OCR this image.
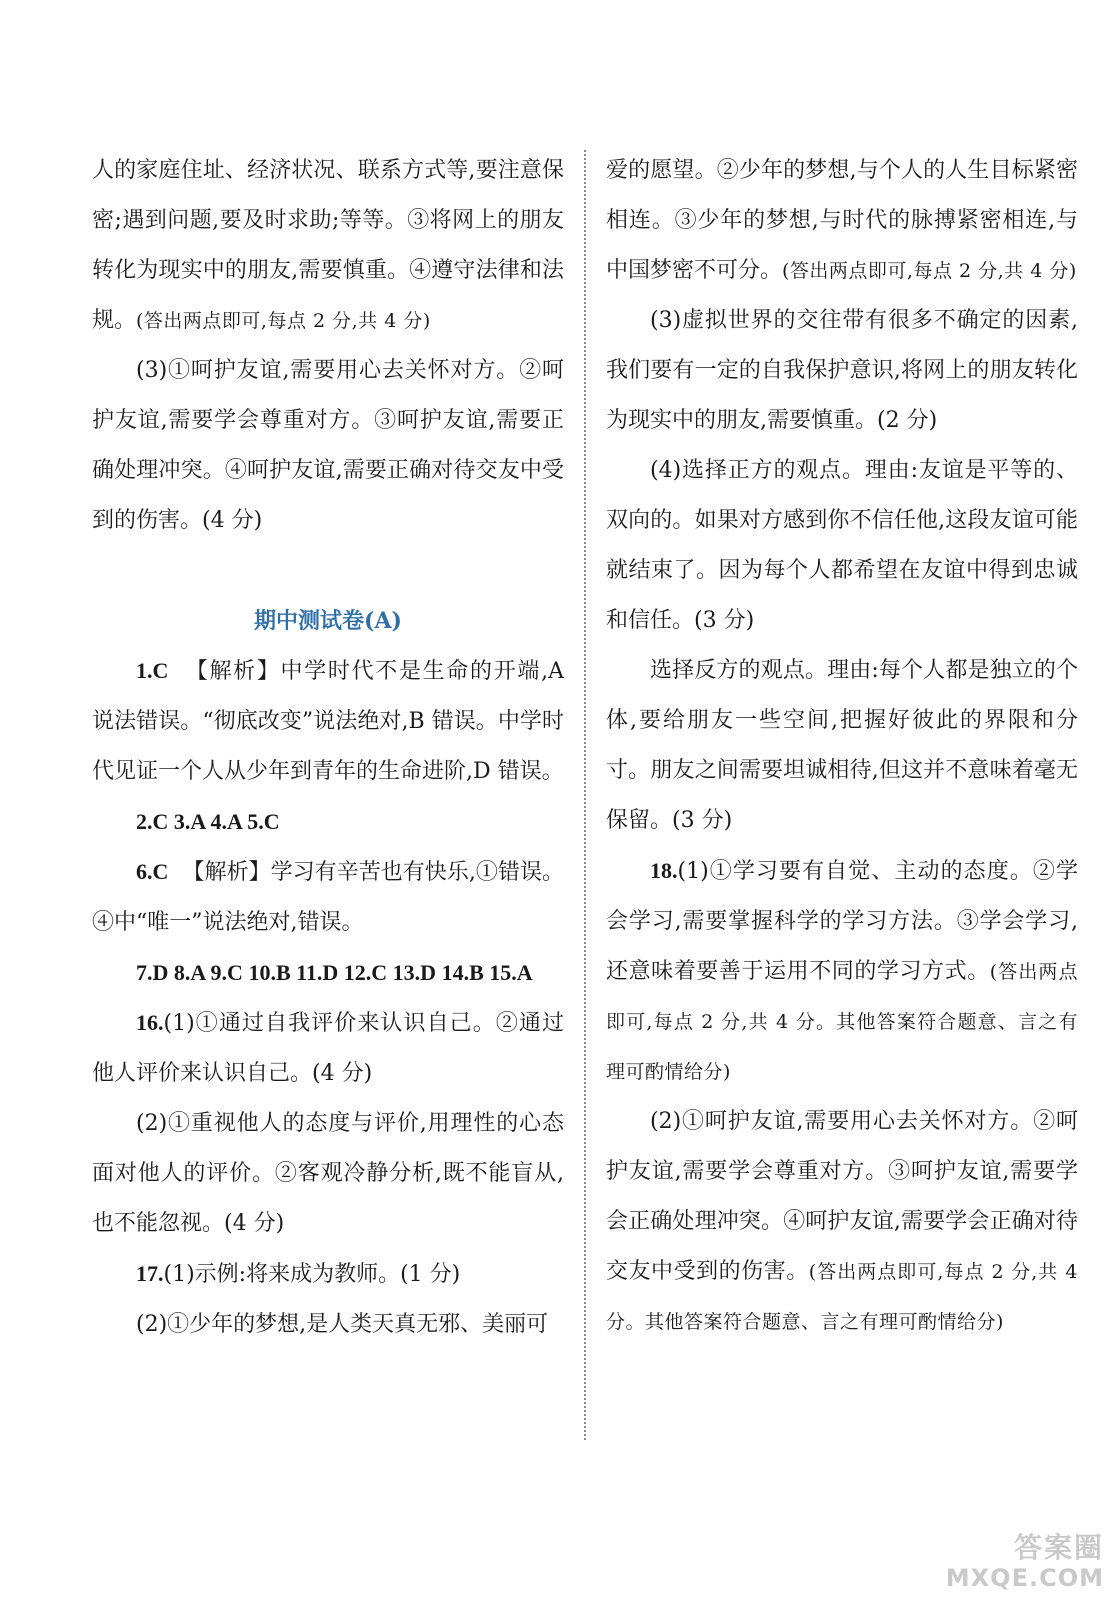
人的家庭住址、经济状况、联系方式等,要注意保密;遇到问题,要及时求助;等等。③将网上的朋友转化为现实中的朋友,需要慎重。④遵守法律和法规。(答出两点即可,每点 2 分,共 4 分)

(3)①呵护友谊,需要用心去关怀对方。②呵护友谊,需要学会尊重对方。③呵护友谊,需要正确处理冲突。④呵护友谊,需要正确对待交友中受到的伤害。(4 分)

期中测试卷(A)

1.C 【解析】中学时代不是生命的开端,A 说法错误。“彻底改变”说法绝对,B 错误。中学时代见证一个人从少年到青年的生命进阶,D 错误。

2.C 3.A 4.A 5.C

6.C 【解析】学习有辛苦也有快乐,①错误。④中“唯一”说法绝对,错误。

7.D 8.A 9.C 10.B 11.D 12.C 13.D 14.B 15.A

16.(1)①通过自我评价来认识自己。②通过他人评价来认识自己。(4 分)

(2)①重视他人的态度与评价,用理性的心态面对他人的评价。②客观冷静分析,既不能盲从,也不能忽视。(4 分)

17.(1)示例:将来成为教师。(1 分)

(2)①少年的梦想,是人类天真无邪、美丽可

爱的愿望。②少年的梦想,与个人的人生目标紧密相连。③少年的梦想,与时代的脉搏紧密相连,与中国梦密不可分。(答出两点即可,每点 2 分,共 4 分)

(3)虚拟世界的交往带有很多不确定的因素,我们要有一定的自我保护意识,将网上的朋友转化为现实中的朋友,需要慎重。(2 分)

(4)选择正方的观点。理由:友谊是平等的、双向的。如果对方感到你不信任他,这段友谊可能就结束了。因为每个人都希望在友谊中得到忠诚和信任。(3 分)

选择反方的观点。理由:每个人都是独立的个体,要给朋友一些空间,把握好彼此的界限和分寸。朋友之间需要坦诚相待,但这并不意味着毫无保留。(3 分)

18.(1)①学习要有自觉、主动的态度。②学会学习,需要掌握科学的学习方法。③学会学习,还意味着要善于运用不同的学习方式。(答出两点即可,每点 2 分,共 4 分。其他答案符合题意、言之有理可酌情给分)

(2)①呵护友谊,需要用心去关怀对方。②呵护友谊,需要学会尊重对方。③呵护友谊,需要学会正确处理冲突。④呵护友谊,需要学会正确对待交友中受到的伤害。(答出两点即可,每点 2 分,共 4 分。其他答案符合题意、言之有理可酌情给分)

答案圈
MXQE.COM
